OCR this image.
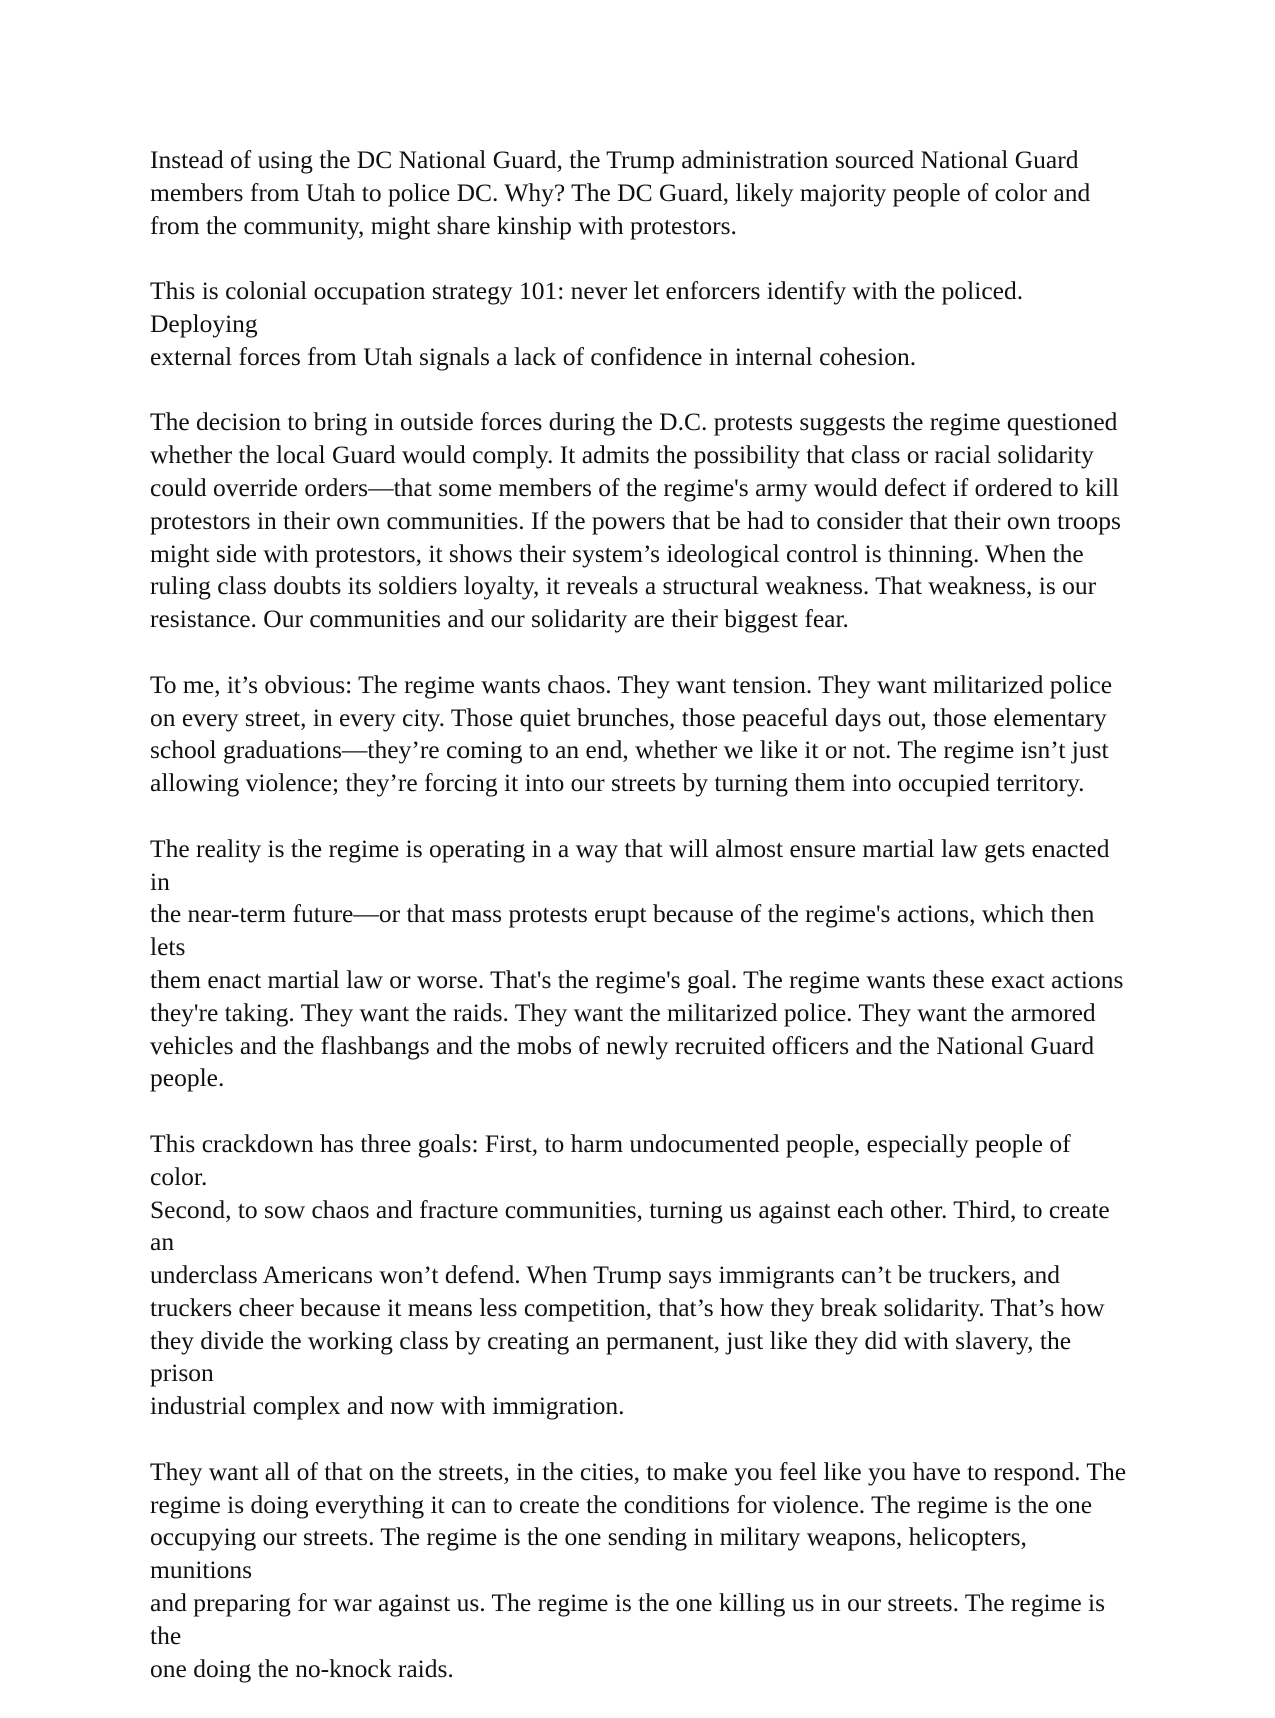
Instead of using the DC National Guard, the Trump administration sourced National Guard
members from Utah to police DC. Why? The DC Guard, likely majority people of color and
from the community, might share kinship with protestors.

This is colonial occupation strategy 101: never let enforcers identify with the policed. Deploying
external forces from Utah signals a lack of confidence in internal cohesion.

The decision to bring in outside forces during the D.C. protests suggests the regime questioned
whether the local Guard would comply. It admits the possibility that class or racial solidarity
could override orders—that some members of the regime's army would defect if ordered to kill
protestors in their own communities. If the powers that be had to consider that their own troops
might side with protestors, it shows their system’s ideological control is thinning. When the
ruling class doubts its soldiers loyalty, it reveals a structural weakness. That weakness, is our
resistance. Our communities and our solidarity are their biggest fear.

To me, it’s obvious: The regime wants chaos. They want tension. They want militarized police
on every street, in every city. Those quiet brunches, those peaceful days out, those elementary
school graduations—they’re coming to an end, whether we like it or not. The regime isn’t just
allowing violence; they’re forcing it into our streets by turning them into occupied territory.

The reality is the regime is operating in a way that will almost ensure martial law gets enacted in
the near-term future—or that mass protests erupt because of the regime's actions, which then lets
them enact martial law or worse. That's the regime's goal. The regime wants these exact actions
they're taking. They want the raids. They want the militarized police. They want the armored
vehicles and the flashbangs and the mobs of newly recruited officers and the National Guard
people.

This crackdown has three goals: First, to harm undocumented people, especially people of color.
Second, to sow chaos and fracture communities, turning us against each other. Third, to create an
underclass Americans won’t defend. When Trump says immigrants can’t be truckers, and
truckers cheer because it means less competition, that’s how they break solidarity. That’s how
they divide the working class by creating an permanent, just like they did with slavery, the prison
industrial complex and now with immigration.

They want all of that on the streets, in the cities, to make you feel like you have to respond. The
regime is doing everything it can to create the conditions for violence. The regime is the one
occupying our streets. The regime is the one sending in military weapons, helicopters, munitions
and preparing for war against us. The regime is the one killing us in our streets. The regime is the
one doing the no-knock raids.
